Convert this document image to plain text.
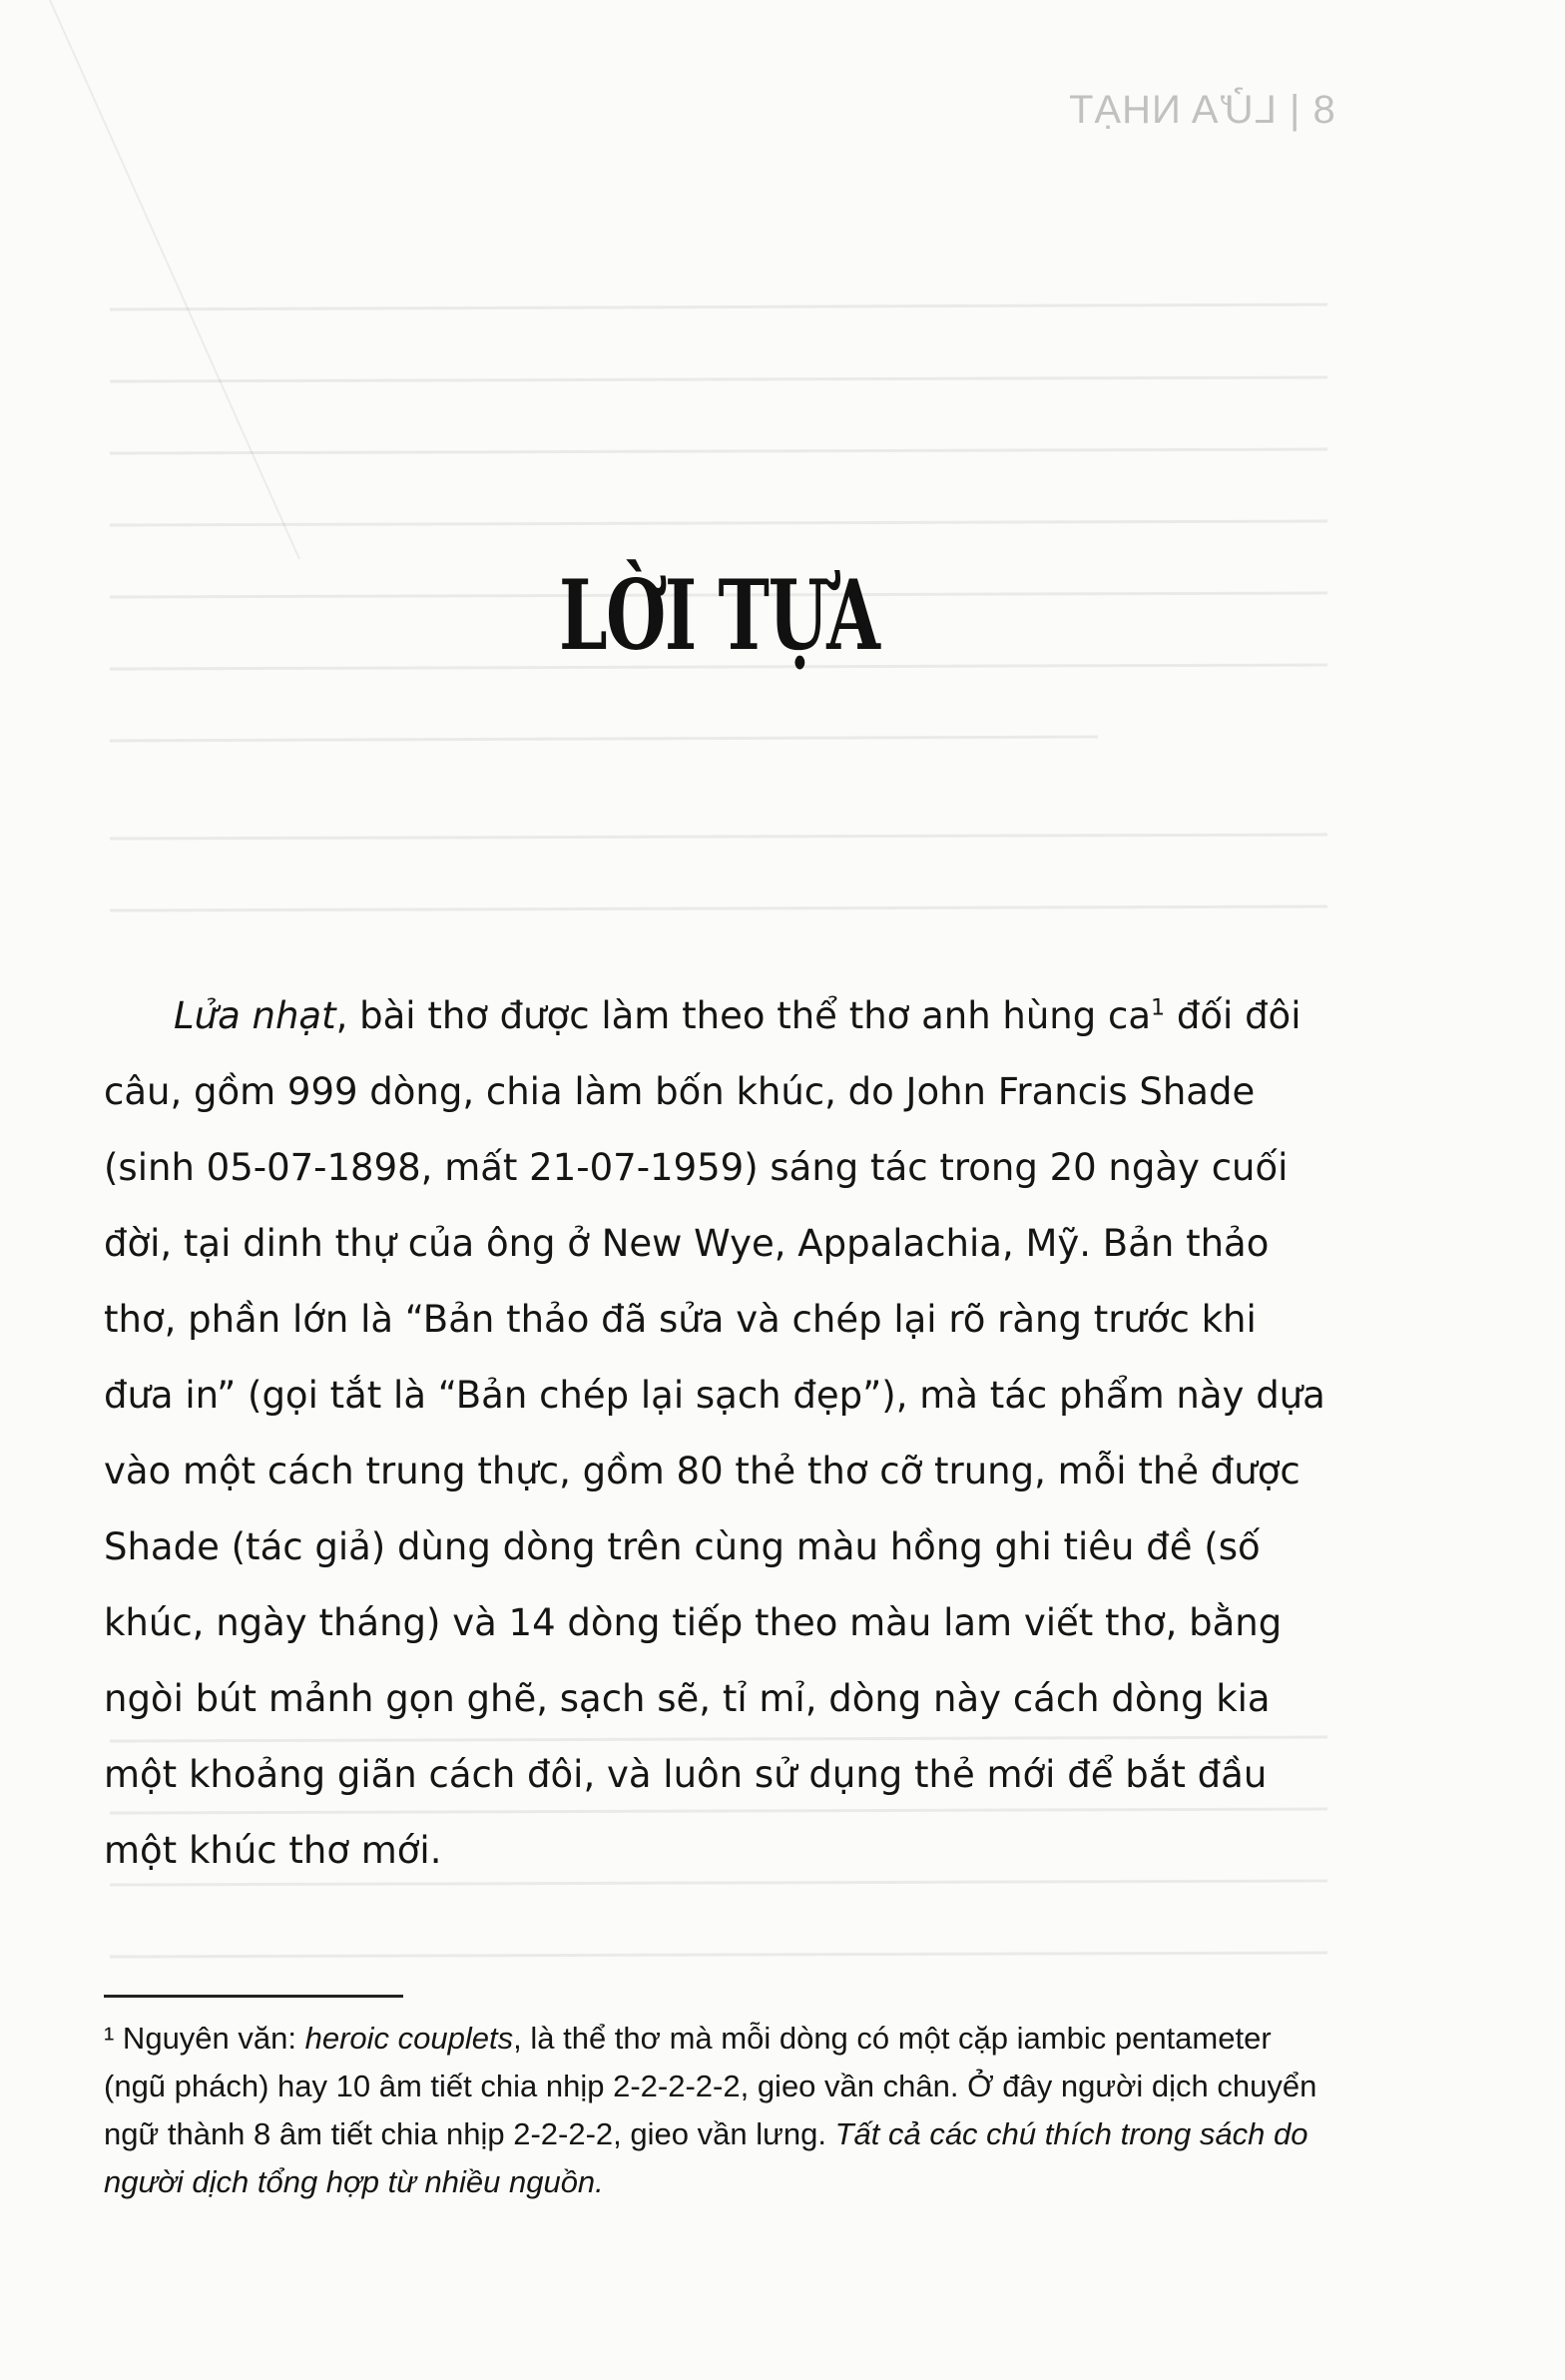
8 | LỬA NHẠT
LỜI TỰA
Lửa nhạt, bài thơ được làm theo thể thơ anh hùng $ca^1$ đối đôi
câu, gồm 999 dòng, chia làm bốn khúc, do John Francis Shade
(sinh 05-07-1898, mất 21-07-1959) sáng tác trong 20 ngày cuối
đời, tại dinh thự của ông ở New Wye, Appalachia, Mỹ. Bản thảo
thơ, phần lớn là “Bản thảo đã sửa và chép lại rõ ràng trước khi
đưa in” (gọi tắt là “Bản chép lại sạch đẹp”), mà tác phẩm này dựa
vào một cách trung thực, gồm 80 thẻ thơ cỡ trung, mỗi thẻ được
Shade (tác giả) dùng dòng trên cùng màu hồng ghi tiêu đề (số
khúc, ngày tháng) và 14 dòng tiếp theo màu lam viết thơ, bằng
ngòi bút mảnh gọn ghẽ, sạch sẽ, tỉ mỉ, dòng này cách dòng kia
một khoảng giãn cách đôi, và luôn sử dụng thẻ mới để bắt đầu
một khúc thơ mới.
¹ Nguyên văn: heroic couplets, là thể thơ mà mỗi dòng có một cặp iambic pentameter
(ngũ phách) hay 10 âm tiết chia nhịp 2-2-2-2-2, gieo vần chân. Ở đây người dịch chuyển
ngữ thành 8 âm tiết chia nhịp 2-2-2-2, gieo vần lưng. Tất cả các chú thích trong sách do
người dịch tổng hợp từ nhiều nguồn.
